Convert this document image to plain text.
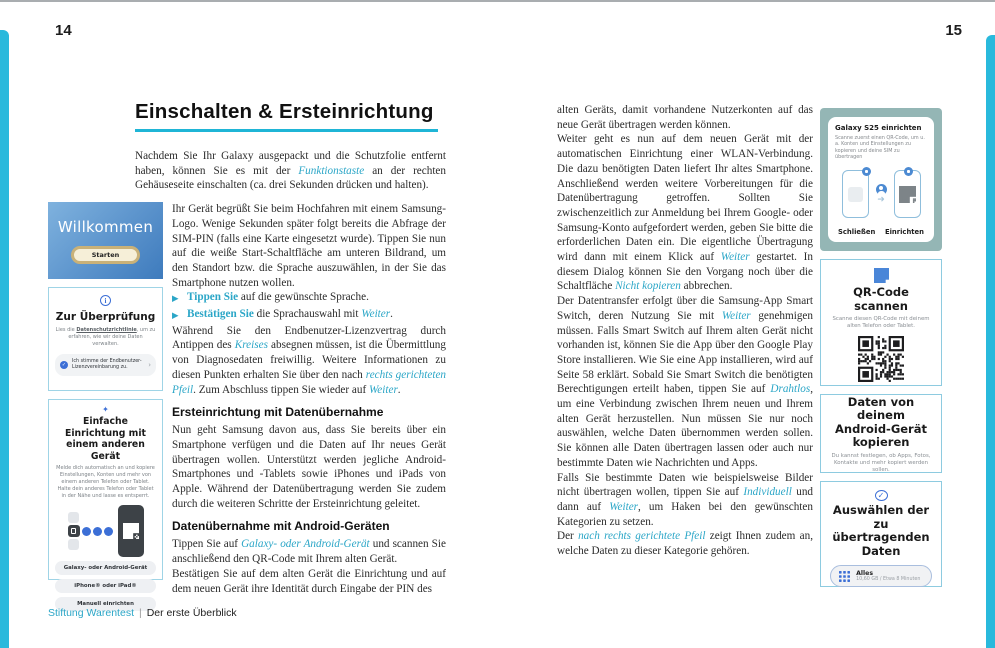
14	15
Einschalten & Ersteinrichtung

Nachdem Sie Ihr Galaxy ausgepackt und die Schutzfolie entfernt haben, können Sie es mit der Funktionstaste an der rechten Gehäuseseite einschalten (ca. drei Sekunden drücken und halten).

Willkommen
Starten
i
Zur Überprüfung
Lies die Datenschutzrichtlinie, um zu erfahren, wie wir deine Daten verwalten.
✓
Ich stimme der Endbenutzer-Lizenzvereinbarung zu.	›
✦
Einfache Einrichtung mit einem anderen Gerät
Melde dich automatisch an und kopiere Einstellungen, Konten und mehr von einem anderen Telefon oder Tablet. Halte dein anderes Telefon oder Tablet in der Nähe und lasse es entsperrt.
Galaxy- oder Android-Gerät
iPhone® oder iPad®
Manuell einrichten

Ihr Gerät begrüßt Sie beim Hochfahren mit einem Samsung-Logo. Wenige Sekunden später folgt bereits die Abfrage der SIM-PIN (falls eine Karte eingesetzt wurde). Tippen Sie nun auf die weiße Start-Schaltfläche am unteren Bildrand, um den Standort bzw. die Sprache auszuwählen, in der Sie das Smartphone nutzen wollen.

▶ Tippen Sie auf die gewünschte Sprache.
▶ Bestätigen Sie die Sprachauswahl mit Weiter.

Während Sie den Endbenutzer-Lizenzvertrag durch Antippen des Kreises absegnen müssen, ist die Übermittlung von Diagnosedaten freiwillig. Weitere Informationen zu diesen Punkten erhalten Sie über den nach rechts gerichteten Pfeil. Zum Abschluss tippen Sie wieder auf Weiter.

Ersteinrichtung mit Datenübernahme

Nun geht Samsung davon aus, dass Sie bereits über ein Smartphone verfügen und die Daten auf Ihr neues Gerät übertragen wollen. Unterstützt werden jegliche Android-Smartphones und -Tablets sowie iPhones und iPads von Apple. Während der Datenübertragung werden Sie zudem durch die weiteren Schritte der Ersteinrichtung geleitet.

Datenübernahme mit Android-Geräten

Tippen Sie auf Galaxy- oder Android-Gerät und scannen Sie anschließend den QR-Code mit Ihrem alten Gerät.

Bestätigen Sie auf dem alten Gerät die Einrichtung und auf dem neuen Gerät ihre Identität durch Eingabe der PIN des

Stiftung Warentest | Der erste Überblick

alten Geräts, damit vorhandene Nutzerkonten auf das neue Gerät übertragen werden können.

Weiter geht es nun auf dem neuen Gerät mit der automatischen Einrichtung einer WLAN-Verbindung. Die dazu benötigten Daten liefert Ihr altes Smartphone. Anschließend werden weitere Vorbereitungen für die Datenübertragung getroffen. Sollten Sie zwischenzeitlich zur Anmeldung bei Ihrem Google- oder Samsung-Konto aufgefordert werden, geben Sie bitte die erforderlichen Daten ein. Die eigentliche Übertragung wird dann mit einem Klick auf Weiter gestartet. In diesem Dialog können Sie den Vorgang noch über die Schaltfläche Nicht kopieren abbrechen.

Der Datentransfer erfolgt über die Samsung-App Smart Switch, deren Nutzung Sie mit Weiter genehmigen müssen. Falls Smart Switch auf Ihrem alten Gerät nicht vorhanden ist, können Sie die App über den Google Play Store installieren. Wie Sie eine App installieren, wird auf Seite 58 erklärt. Sobald Sie Smart Switch die benötigten Berechtigungen erteilt haben, tippen Sie auf Drahtlos, um eine Verbindung zwischen Ihrem neuen und Ihrem alten Gerät herzustellen. Nun müssen Sie nur noch auswählen, welche Daten übernommen werden sollen. Sie können alle Daten übertragen lassen oder auch nur bestimmte Daten wie Nachrichten und Apps.

Falls Sie bestimmte Daten wie beispielsweise Bilder nicht übertragen wollen, tippen Sie auf Individuell und dann auf Weiter, um Haken bei den gewünschten Kategorien zu setzen.

Der nach rechts gerichtete Pfeil zeigt Ihnen zudem an, welche Daten zu dieser Kategorie gehören.

Galaxy S25 einrichten
Scanne zuerst einen QR-Code, um u. a. Konten und Einstellungen zu kopieren und deine SIM zu übertragen
➜
Schließen Einrichten
QR-Code scannen
Scanne diesen QR-Code mit deinem alten Telefon oder Tablet.
Daten von deinem Android-Gerät kopieren
Du kannst festlegen, ob Apps, Fotos, Kontakte und mehr kopiert werden sollen.
✓
Auswählen der zu übertragenden Daten
Alles
10,60 GB / Etwa 8 Minuten
